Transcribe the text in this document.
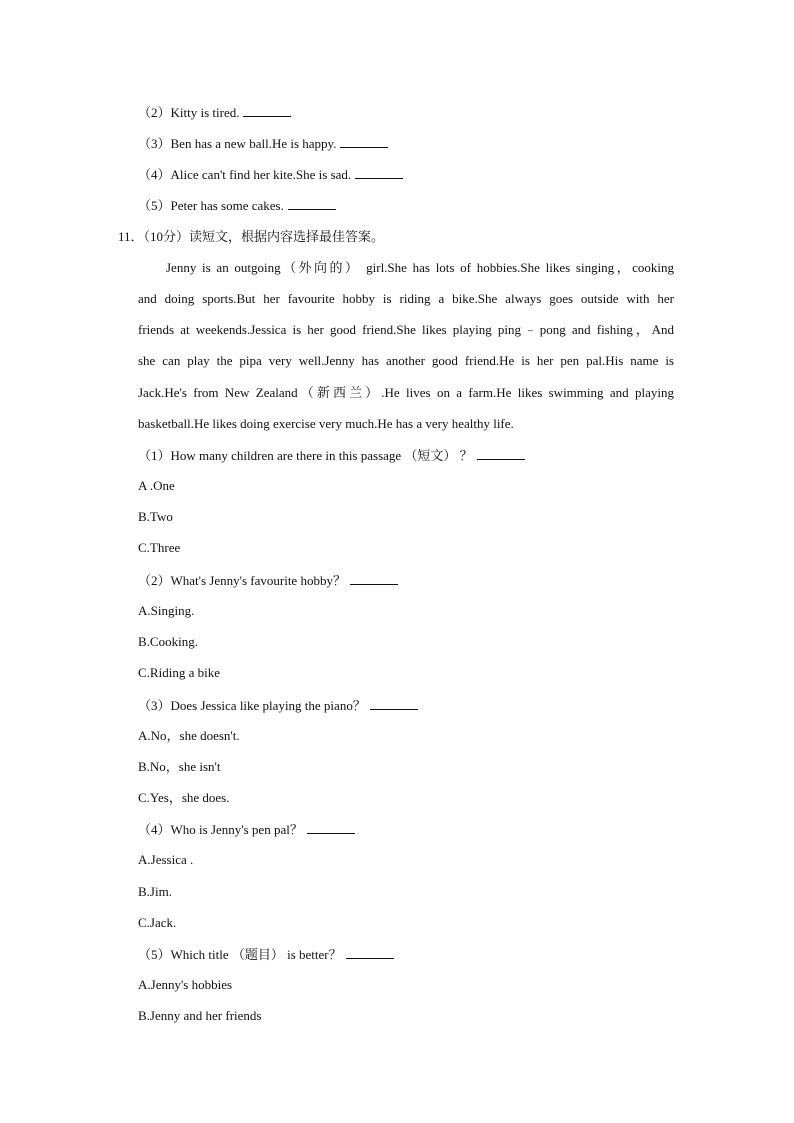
（2）Kitty is tired.
（3）Ben has a new ball.He is happy.
（4）Alice can't find her kite.She is sad.
（5）Peter has some cakes.
11．（10分）读短文，根据内容选择最佳答案。
Jenny is an outgoing（外向的） girl.She has lots of hobbies.She likes singing，cooking
and doing sports.But her favourite hobby is riding a bike.She always goes outside with her
friends at weekends.Jessica is her good friend.She likes playing ping﹣pong and fishing，And
she can play the pipa very well.Jenny has another good friend.He is her pen pal.His name is
Jack.He's from New Zealand（新西兰）.He lives on a farm.He likes swimming and playing
basketball.He likes doing exercise very much.He has a very healthy life.
（1）How many children are there in this passage （短文） ？
A .One
B.Two
C.Three
（2）What's Jenny's favourite hobby？
A.Singing.
B.Cooking.
C.Riding a bike
（3）Does Jessica like playing the piano？
A.No，she doesn't.
B.No，she isn't
C.Yes，she does.
（4）Who is Jenny's pen pal？
A.Jessica .
B.Jim.
C.Jack.
（5）Which title （题目） is better？
A.Jenny's hobbies
B.Jenny and her friends
